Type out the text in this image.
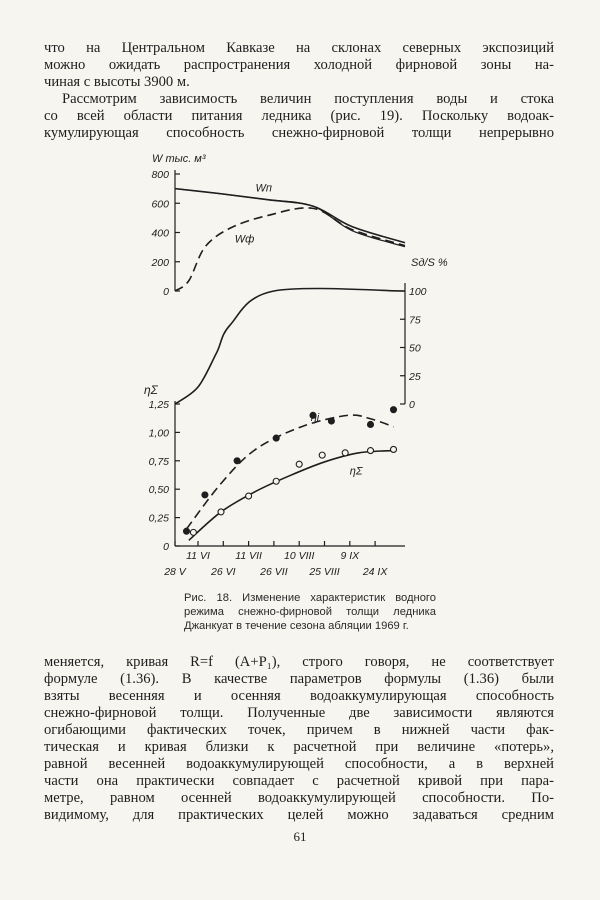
что на Центральном Кавказе на склонах северных экспозиций
можно ожидать распространения холодной фирновой зоны на-
чиная с высоты 3900 м.
Рассмотрим зависимость величин поступления воды и стока
со всей области питания ледника (рис. 19). Поскольку водоак-
кумулирующая способность снежно-фирновой толщи непрерывно
800
600
400
200
0	100
75
50
25
0
1,25
1,00
0,75
0,50
0,25
0
W тыс. м³
Sд/S %
ηΣ
11 VI 11 VII 10 VIII 9 IX
28 V 26 VI 26 VII 25 VIII 24 IX
Wп
Wф
ηi
ηΣ
Рис. 18. Изменение характеристик водного
режима снежно-фирновой толщи ледника
Джанкуат в течение сезона абляции 1969 г.
меняется, кривая R=f (A+P₁), строго говоря, не соответствует
формуле (1.36). В качестве параметров формулы (1.36) были
взяты весенняя и осенняя водоаккумулирующая способность
снежно-фирновой толщи. Полученные две зависимости являются
огибающими фактических точек, причем в нижней части фак-
тическая и кривая близки к расчетной при величине «потерь»,
равной весенней водоаккумулирующей способности, а в верхней
части она практически совпадает с расчетной кривой при пара-
метре, равном осенней водоаккумулирующей способности. По-
видимому, для практических целей можно задаваться средним
61
